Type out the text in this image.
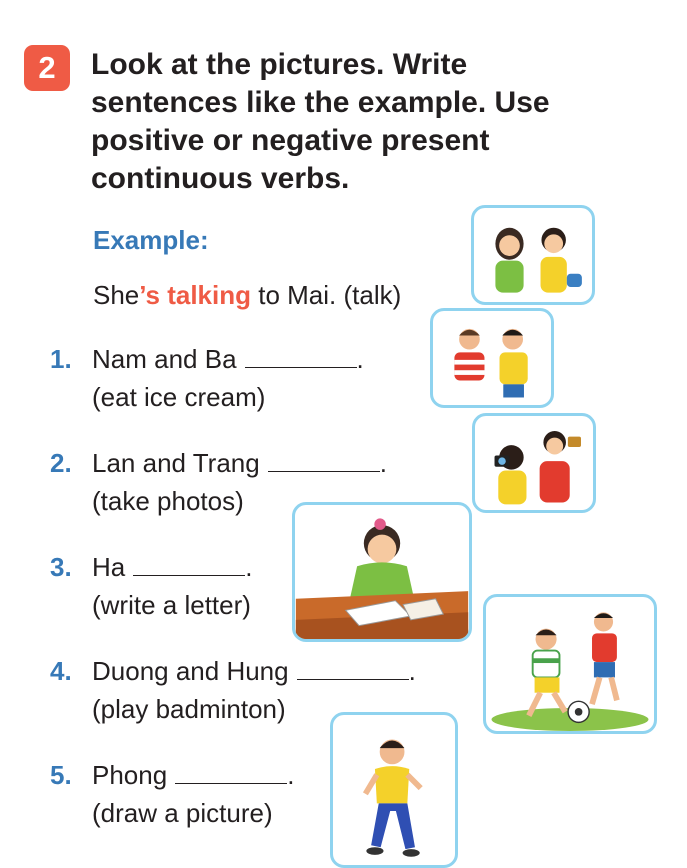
2	Look at the pictures. Write sentences like the example. Use positive or negative present continuous verbs.
Example:
She’s talking to Mai. (talk)
1. Nam and Ba	.
(eat ice cream)
2. Lan and Trang	.
(take photos)
3. Ha	.
(write a letter)
4. Duong and Hung	.
(play badminton)
5. Phong	.
(draw a picture)
